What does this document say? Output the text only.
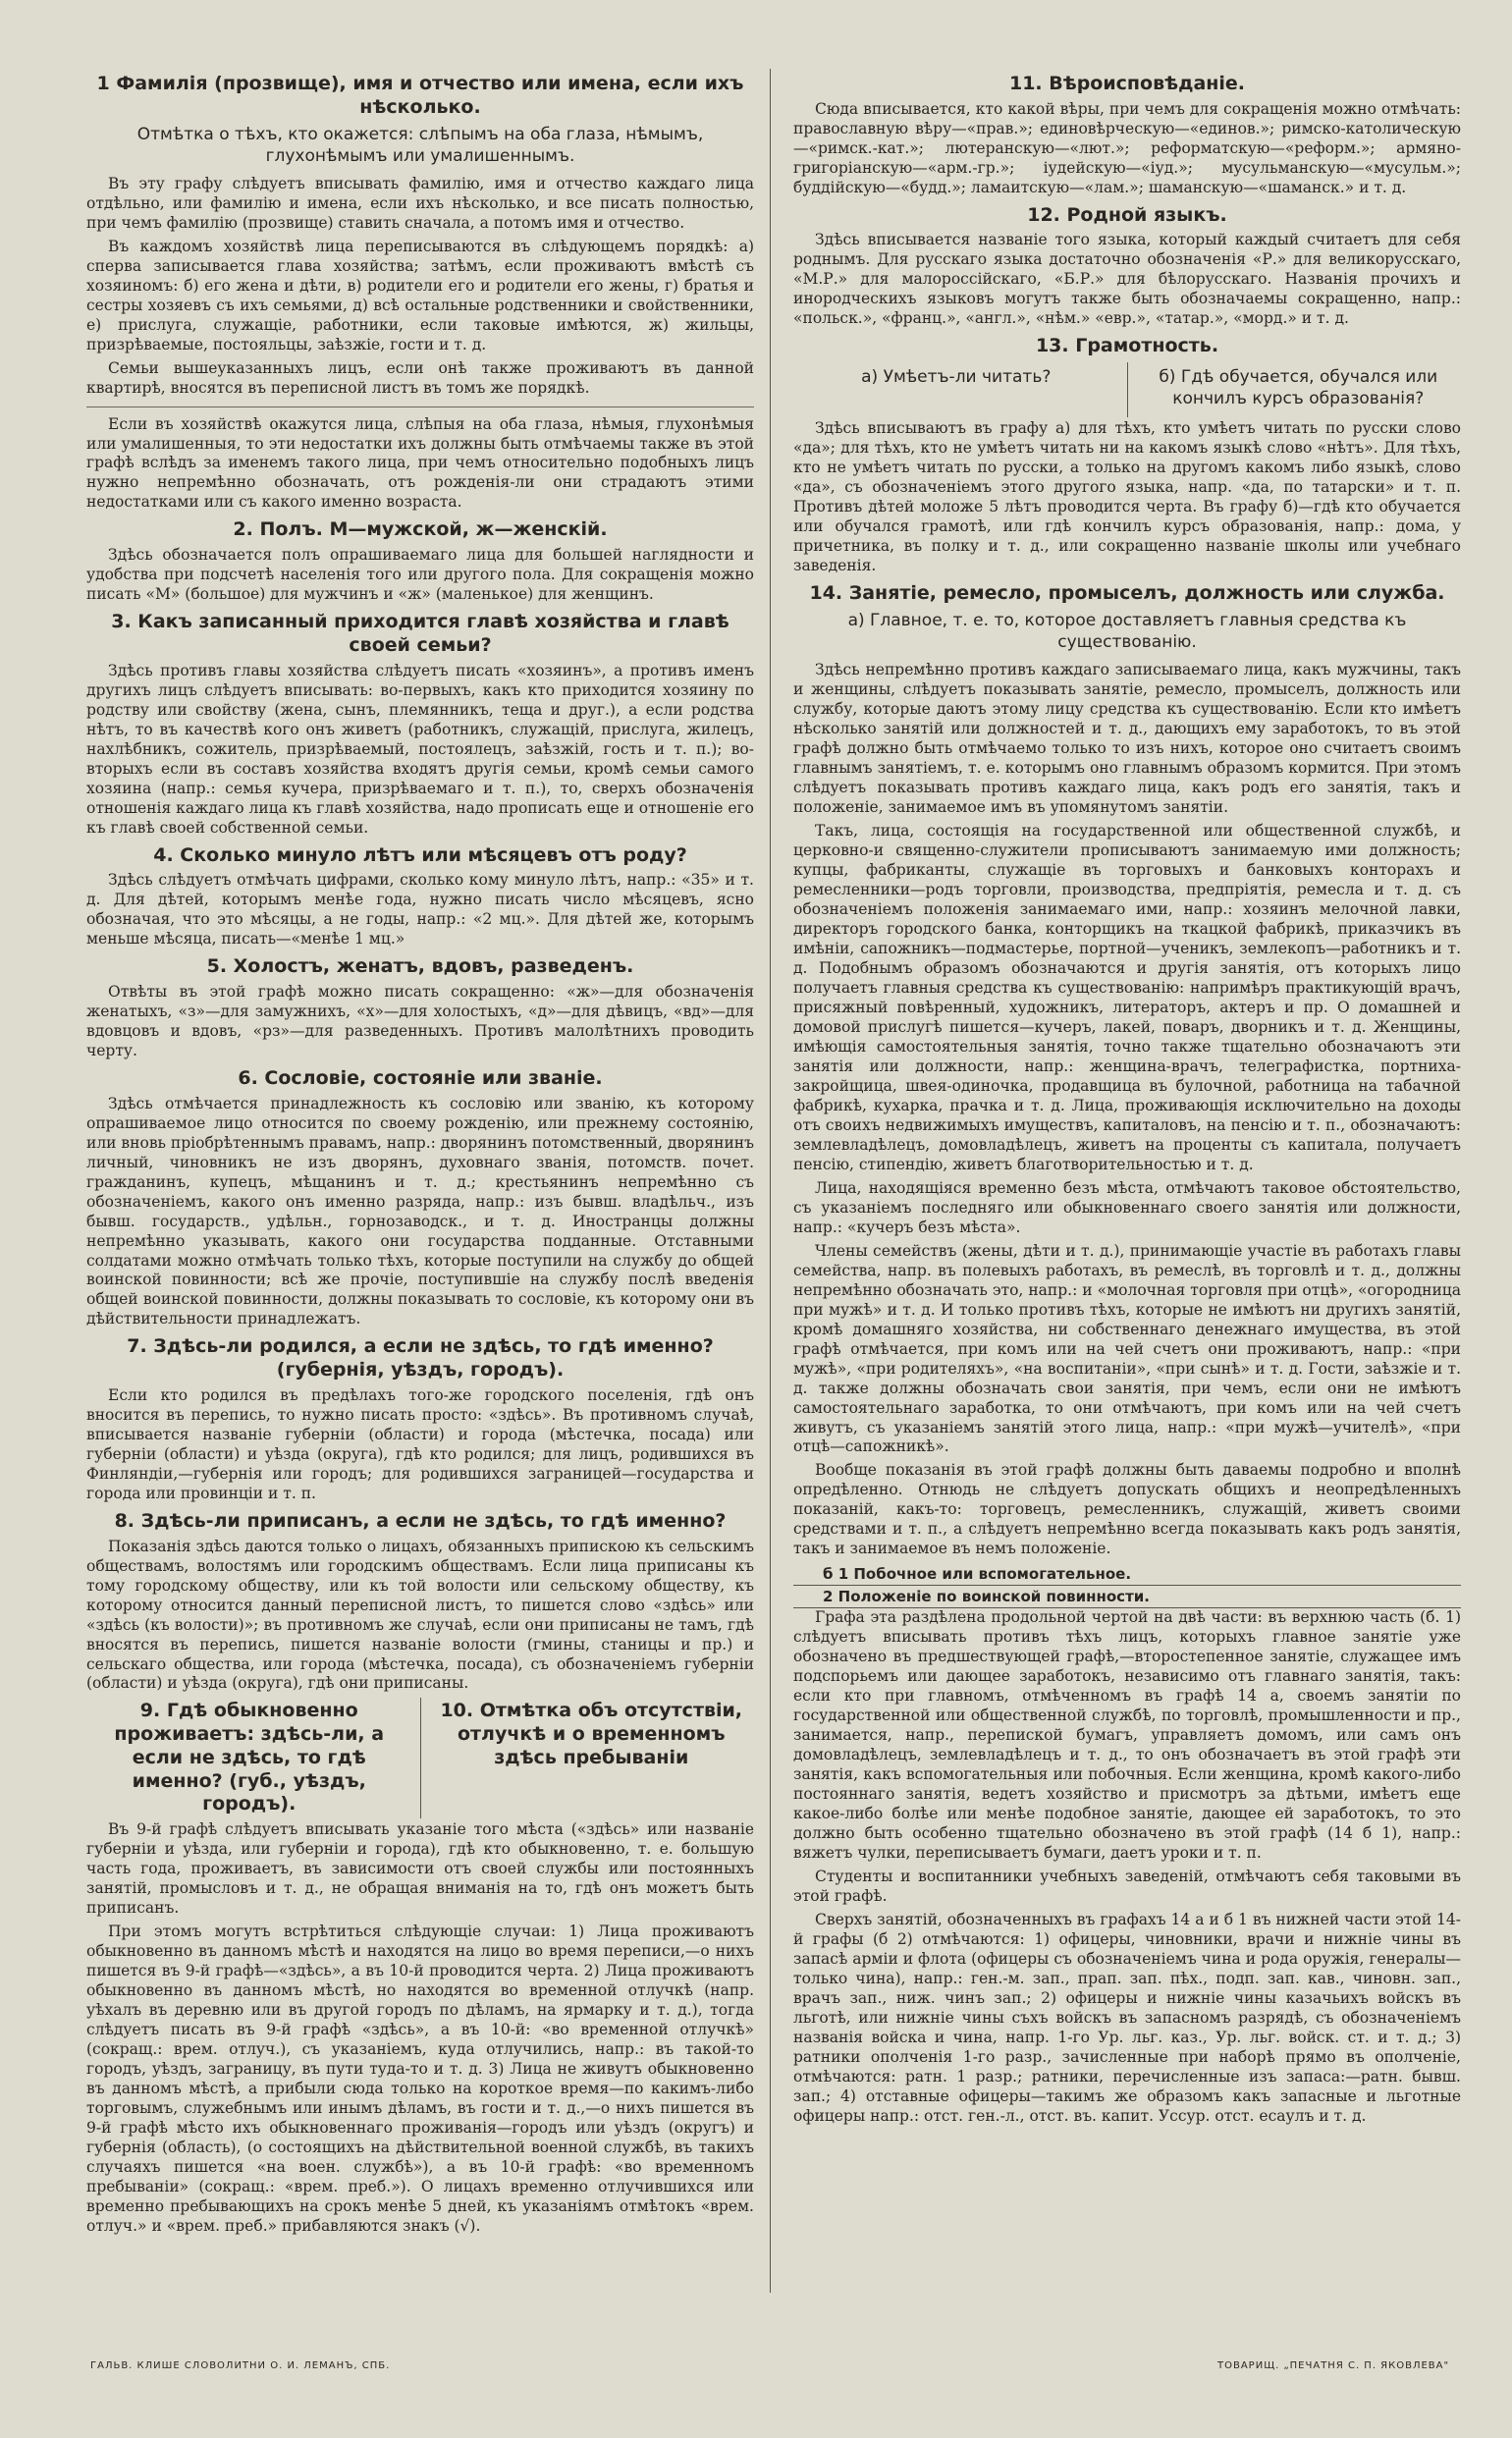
1 Фамилія (прозвище), имя и отчество или имена, если ихъ нѣсколько.
Отмѣтка о тѣхъ, кто окажется: слѣпымъ на оба глаза, нѣмымъ, глухонѣмымъ или умалишеннымъ.

Въ эту графу слѣдуетъ вписывать фамилію, имя и отчество каждаго лица отдѣльно, или фамилію и имена, если ихъ нѣсколько, и все писать полностью, при чемъ фамилію (прозвище) ставить сначала, а потомъ имя и отчество.

Въ каждомъ хозяйствѣ лица переписываются въ слѣдующемъ порядкѣ: а) сперва записывается глава хозяйства; затѣмъ, если проживаютъ вмѣстѣ съ хозяиномъ: б) его жена и дѣти, в) родители его и родители его жены, г) братья и сестры хозяевъ съ ихъ семьями, д) всѣ остальные родственники и свойственники, е) прислуга, служащіе, работники, если таковые имѣются, ж) жильцы, призрѣваемые, постояльцы, заѣзжіе, гости и т. д.

Семьи вышеуказанныхъ лицъ, если онѣ также проживаютъ въ данной квартирѣ, вносятся въ переписной листъ въ томъ же порядкѣ.

Если въ хозяйствѣ окажутся лица, слѣпыя на оба глаза, нѣмыя, глухонѣмыя или умалишенныя, то эти недостатки ихъ должны быть отмѣчаемы также въ этой графѣ вслѣдъ за именемъ такого лица, при чемъ относительно подобныхъ лицъ нужно непремѣнно обозначать, отъ рожденія-ли они страдаютъ этими недостатками или съ какого именно возраста.

2. Полъ. М—мужской, ж—женскій.

Здѣсь обозначается полъ опрашиваемаго лица для большей наглядности и удобства при подсчетѣ населенія того или другого пола. Для сокращенія можно писать «М» (большое) для мужчинъ и «ж» (маленькое) для женщинъ.

3. Какъ записанный приходится главѣ хозяйства и главѣ своей семьи?

Здѣсь противъ главы хозяйства слѣдуетъ писать «хозяинъ», а противъ именъ другихъ лицъ слѣдуетъ вписывать: во-первыхъ, какъ кто приходится хозяину по родству или свойству (жена, сынъ, племянникъ, теща и друг.), а если родства нѣтъ, то въ качествѣ кого онъ живетъ (работникъ, служащій, прислуга, жилецъ, нахлѣбникъ, сожитель, призрѣваемый, постоялецъ, заѣзжій, гость и т. п.); во-вторыхъ если въ составъ хозяйства входятъ другія семьи, кромѣ семьи самого хозяина (напр.: семья кучера, призрѣваемаго и т. п.), то, сверхъ обозначенія отношенія каждаго лица къ главѣ хозяйства, надо прописать еще и отношеніе его къ главѣ своей собственной семьи.

4. Сколько минуло лѣтъ или мѣсяцевъ отъ роду?

Здѣсь слѣдуетъ отмѣчать цифрами, сколько кому минуло лѣтъ, напр.: «35» и т. д. Для дѣтей, которымъ менѣе года, нужно писать число мѣсяцевъ, ясно обозначая, что это мѣсяцы, а не годы, напр.: «2 мц.». Для дѣтей же, которымъ меньше мѣсяца, писать—«менѣе 1 мц.»

5. Холостъ, женатъ, вдовъ, разведенъ.

Отвѣты въ этой графѣ можно писать сокращенно: «ж»—для обозначенія женатыхъ, «з»—для замужнихъ, «х»—для холостыхъ, «д»—для дѣвицъ, «вд»—для вдовцовъ и вдовъ, «рз»—для разведенныхъ. Противъ малолѣтнихъ проводить черту.

6. Сословіе, состояніе или званіе.

Здѣсь отмѣчается принадлежность къ сословію или званію, къ которому опрашиваемое лицо относится по своему рожденію, или прежнему состоянію, или вновь пріобрѣтеннымъ правамъ, напр.: дворянинъ потомственный, дворянинъ личный, чиновникъ не изъ дворянъ, духовнаго званія, потомств. почет. гражданинъ, купецъ, мѣщанинъ и т. д.; крестьянинъ непремѣнно съ обозначеніемъ, какого онъ именно разряда, напр.: изъ бывш. владѣльч., изъ бывш. государств., удѣльн., горнозаводск., и т. д. Иностранцы должны непремѣнно указывать, какого они государства подданные. Отставными солдатами можно отмѣчать только тѣхъ, которые поступили на службу до общей воинской повинности; всѣ же прочіе, поступившіе на службу послѣ введенія общей воинской повинности, должны показывать то сословіе, къ которому они въ дѣйствительности принадлежатъ.

7. Здѣсь-ли родился, а если не здѣсь, то гдѣ именно? (губернія, уѣздъ, городъ).

Если кто родился въ предѣлахъ того-же городского поселенія, гдѣ онъ вносится въ перепись, то нужно писать просто: «здѣсь». Въ противномъ случаѣ, вписывается названіе губерніи (области) и города (мѣстечка, посада) или губерніи (области) и уѣзда (округа), гдѣ кто родился; для лицъ, родившихся въ Финляндіи,—губернія или городъ; для родившихся заграницей—государства и города или провинціи и т. п.

8. Здѣсь-ли приписанъ, а если не здѣсь, то гдѣ именно?

Показанія здѣсь даются только о лицахъ, обязанныхъ припискою къ сельскимъ обществамъ, волостямъ или городскимъ обществамъ. Если лица приписаны къ тому городскому обществу, или къ той волости или сельскому обществу, къ которому относится данный переписной листъ, то пишется слово «здѣсь» или «здѣсь (къ волости)»; въ противномъ же случаѣ, если они приписаны не тамъ, гдѣ вносятся въ перепись, пишется названіе волости (гмины, станицы и пр.) и сельскаго общества, или города (мѣстечка, посада), съ обозначеніемъ губерніи (области) и уѣзда (округа), гдѣ они приписаны.

9. Гдѣ обыкновенно проживаетъ: здѣсь-ли, а если не здѣсь, то гдѣ именно? (губ., уѣздъ, городъ).
10. Отмѣтка объ отсутствіи, отлучкѣ и о временномъ здѣсь пребываніи

Въ 9-й графѣ слѣдуетъ вписывать указаніе того мѣста («здѣсь» или названіе губерніи и уѣзда, или губерніи и города), гдѣ кто обыкновенно, т. е. большую часть года, проживаетъ, въ зависимости отъ своей службы или постоянныхъ занятій, промысловъ и т. д., не обращая вниманія на то, гдѣ онъ можетъ быть приписанъ.

При этомъ могутъ встрѣтиться слѣдующіе случаи: 1) Лица проживаютъ обыкновенно въ данномъ мѣстѣ и находятся на лицо во время переписи,—о нихъ пишется въ 9-й графѣ—«здѣсь», а въ 10-й проводится черта. 2) Лица проживаютъ обыкновенно въ данномъ мѣстѣ, но находятся во временной отлучкѣ (напр. уѣхалъ въ деревню или въ другой городъ по дѣламъ, на ярмарку и т. д.), тогда слѣдуетъ писать въ 9-й графѣ «здѣсь», а въ 10-й: «во временной отлучкѣ» (сокращ.: врем. отлуч.), съ указаніемъ, куда отлучились, напр.: въ такой-то городъ, уѣздъ, заграницу, въ пути туда-то и т. д. 3) Лица не живутъ обыкновенно въ данномъ мѣстѣ, а прибыли сюда только на короткое время—по какимъ-либо торговымъ, служебнымъ или инымъ дѣламъ, въ гости и т. д.,—о нихъ пишется въ 9-й графѣ мѣсто ихъ обыкновеннаго проживанія—городъ или уѣздъ (округъ) и губернія (область), (о состоящихъ на дѣйствительной военной службѣ, въ такихъ случаяхъ пишется «на воен. службѣ»), а въ 10-й графѣ: «во временномъ пребываніи» (сокращ.: «врем. преб.»). О лицахъ временно отлучившихся или временно пребывающихъ на срокъ менѣе 5 дней, къ указаніямъ отмѣтокъ «врем. отлуч.» и «врем. преб.» прибавляются знакъ (√).

11. Вѣроисповѣданіе.

Сюда вписывается, кто какой вѣры, при чемъ для сокращенія можно отмѣчать: православную вѣру—«прав.»; единовѣрческую—«единов.»; римско-католическую—«римск.-кат.»; лютеранскую—«лют.»; реформатскую—«реформ.»; армяно-григоріанскую—«арм.-гр.»; іудейскую—«іуд.»; мусульманскую—«мусульм.»; буддійскую—«будд.»; ламаитскую—«лам.»; шаманскую—«шаманск.» и т. д.

12. Родной языкъ.

Здѣсь вписывается названіе того языка, который каждый считаетъ для себя роднымъ. Для русскаго языка достаточно обозначенія «Р.» для великорусскаго, «М.Р.» для малороссійскаго, «Б.Р.» для бѣлорусскаго. Названія прочихъ и инородческихъ языковъ могутъ также быть обозначаемы сокращенно, напр.: «польск.», «франц.», «англ.», «нѣм.» «евр.», «татар.», «морд.» и т. д.

13. Грамотность.
а) Умѣетъ-ли читать?	б) Гдѣ обучается, обучался или кончилъ курсъ образованія?

Здѣсь вписываютъ въ графу а) для тѣхъ, кто умѣетъ читать по русски слово «да»; для тѣхъ, кто не умѣетъ читать ни на какомъ языкѣ слово «нѣтъ». Для тѣхъ, кто не умѣетъ читать по русски, а только на другомъ какомъ либо языкѣ, слово «да», съ обозначеніемъ этого другого языка, напр. «да, по татарски» и т. п. Противъ дѣтей моложе 5 лѣтъ проводится черта. Въ графу б)—гдѣ кто обучается или обучался грамотѣ, или гдѣ кончилъ курсъ образованія, напр.: дома, у причетника, въ полку и т. д., или сокращенно названіе школы или учебнаго заведенія.

14. Занятіе, ремесло, промыселъ, должность или служба.
а) Главное, т. е. то, которое доставляетъ главныя средства къ существованію.

Здѣсь непремѣнно противъ каждаго записываемаго лица, какъ мужчины, такъ и женщины, слѣдуетъ показывать занятіе, ремесло, промыселъ, должность или службу, которые даютъ этому лицу средства къ существованію. Если кто имѣетъ нѣсколько занятій или должностей и т. д., дающихъ ему заработокъ, то въ этой графѣ должно быть отмѣчаемо только то изъ нихъ, которое оно считаетъ своимъ главнымъ занятіемъ, т. е. которымъ оно главнымъ образомъ кормится. При этомъ слѣдуетъ показывать противъ каждаго лица, какъ родъ его занятія, такъ и положеніе, занимаемое имъ въ упомянутомъ занятіи.

Такъ, лица, состоящія на государственной или общественной службѣ, и церковно-и священно-служители прописываютъ занимаемую ими должность; купцы, фабриканты, служащіе въ торговыхъ и банковыхъ конторахъ и ремесленники—родъ торговли, производства, предпріятія, ремесла и т. д. съ обозначеніемъ положенія занимаемаго ими, напр.: хозяинъ мелочной лавки, директоръ городского банка, конторщикъ на ткацкой фабрикѣ, приказчикъ въ имѣніи, сапожникъ—подмастерье, портной—ученикъ, землекопъ—работникъ и т. д. Подобнымъ образомъ обозначаются и другія занятія, отъ которыхъ лицо получаетъ главныя средства къ существованію: напримѣръ практикующій врачъ, присяжный повѣренный, художникъ, литераторъ, актеръ и пр. О домашней и домовой прислугѣ пишется—кучеръ, лакей, поваръ, дворникъ и т. д. Женщины, имѣющія самостоятельныя занятія, точно также тщательно обозначаютъ эти занятія или должности, напр.: женщина-врачъ, телеграфистка, портниха-закройщица, швея-одиночка, продавщица въ булочной, работница на табачной фабрикѣ, кухарка, прачка и т. д. Лица, проживающія исключительно на доходы отъ своихъ недвижимыхъ имуществъ, капиталовъ, на пенсію и т. п., обозначаютъ: землевладѣлецъ, домовладѣлецъ, живетъ на проценты съ капитала, получаетъ пенсію, стипендію, живетъ благотворительностью и т. д.

Лица, находящіяся временно безъ мѣста, отмѣчаютъ таковое обстоятельство, съ указаніемъ последняго или обыкновеннаго своего занятія или должности, напр.: «кучеръ безъ мѣста».

Члены семействъ (жены, дѣти и т. д.), принимающіе участіе въ работахъ главы семейства, напр. въ полевыхъ работахъ, въ ремеслѣ, въ торговлѣ и т. д., должны непремѣнно обозначать это, напр.: и «молочная торговля при отцѣ», «огородница при мужѣ» и т. д. И только противъ тѣхъ, которые не имѣютъ ни другихъ занятій, кромѣ домашняго хозяйства, ни собственнаго денежнаго имущества, въ этой графѣ отмѣчается, при комъ или на чей счетъ они проживаютъ, напр.: «при мужѣ», «при родителяхъ», «на воспитаніи», «при сынѣ» и т. д. Гости, заѣзжіе и т. д. также должны обозначать свои занятія, при чемъ, если они не имѣютъ самостоятельнаго заработка, то они отмѣчаютъ, при комъ или на чей счетъ живутъ, съ указаніемъ занятій этого лица, напр.: «при мужѣ—учителѣ», «при отцѣ—сапожникѣ».

Вообще показанія въ этой графѣ должны быть даваемы подробно и вполнѣ опредѣленно. Отнюдь не слѣдуетъ допускать общихъ и неопредѣленныхъ показаній, какъ-то: торговецъ, ремесленникъ, служащій, живетъ своими средствами и т. п., а слѣдуетъ непремѣнно всегда показывать какъ родъ занятія, такъ и занимаемое въ немъ положеніе.

б 1 Побочное или вспомогательное.
2 Положеніе по воинской повинности.

Графа эта раздѣлена продольной чертой на двѣ части: въ верхнюю часть (б. 1) слѣдуетъ вписывать противъ тѣхъ лицъ, которыхъ главное занятіе уже обозначено въ предшествующей графѣ,—второстепенное занятіе, служащее имъ подспорьемъ или дающее заработокъ, независимо отъ главнаго занятія, такъ: если кто при главномъ, отмѣченномъ въ графѣ 14 а, своемъ занятіи по государственной или общественной службѣ, по торговлѣ, промышленности и пр., занимается, напр., перепиской бумагъ, управляетъ домомъ, или самъ онъ домовладѣлецъ, землевладѣлецъ и т. д., то онъ обозначаетъ въ этой графѣ эти занятія, какъ вспомогательныя или побочныя. Если женщина, кромѣ какого-либо постояннаго занятія, ведетъ хозяйство и присмотръ за дѣтьми, имѣетъ еще какое-либо болѣе или менѣе подобное занятіе, дающее ей заработокъ, то это должно быть особенно тщательно обозначено въ этой графѣ (14 б 1), напр.: вяжетъ чулки, переписываетъ бумаги, даетъ уроки и т. п.

Студенты и воспитанники учебныхъ заведеній, отмѣчаютъ себя таковыми въ этой графѣ.

Сверхъ занятій, обозначенныхъ въ графахъ 14 а и б 1 въ нижней части этой 14-й графы (б 2) отмѣчаются: 1) офицеры, чиновники, врачи и нижніе чины въ запасѣ арміи и флота (офицеры съ обозначеніемъ чина и рода оружія, генералы—только чина), напр.: ген.-м. зап., прап. зап. пѣх., подп. зап. кав., чиновн. зап., врачъ зап., ниж. чинъ зап.; 2) офицеры и нижніе чины казачьихъ войскъ въ льготѣ, или нижніе чины съхъ войскъ въ запасномъ разрядѣ, съ обозначеніемъ названія войска и чина, напр. 1-го Ур. льг. каз., Ур. льг. войск. ст. и т. д.; 3) ратники ополченія 1-го разр., зачисленные при наборѣ прямо въ ополченіе, отмѣчаются: ратн. 1 разр.; ратники, перечисленные изъ запаса:—ратн. бывш. зап.; 4) отставные офицеры—такимъ же образомъ какъ запасные и льготные офицеры напр.: отст. ген.-л., отст. въ. капит. Уссур. отст. есаулъ и т. д.

ГАЛЬВ. КЛИШЕ СЛОВОЛИТНИ О. И. ЛЕМАНЪ, СПБ.	ТОВАРИЩ. „ПЕЧАТНЯ С. П. ЯКОВЛЕВА"
